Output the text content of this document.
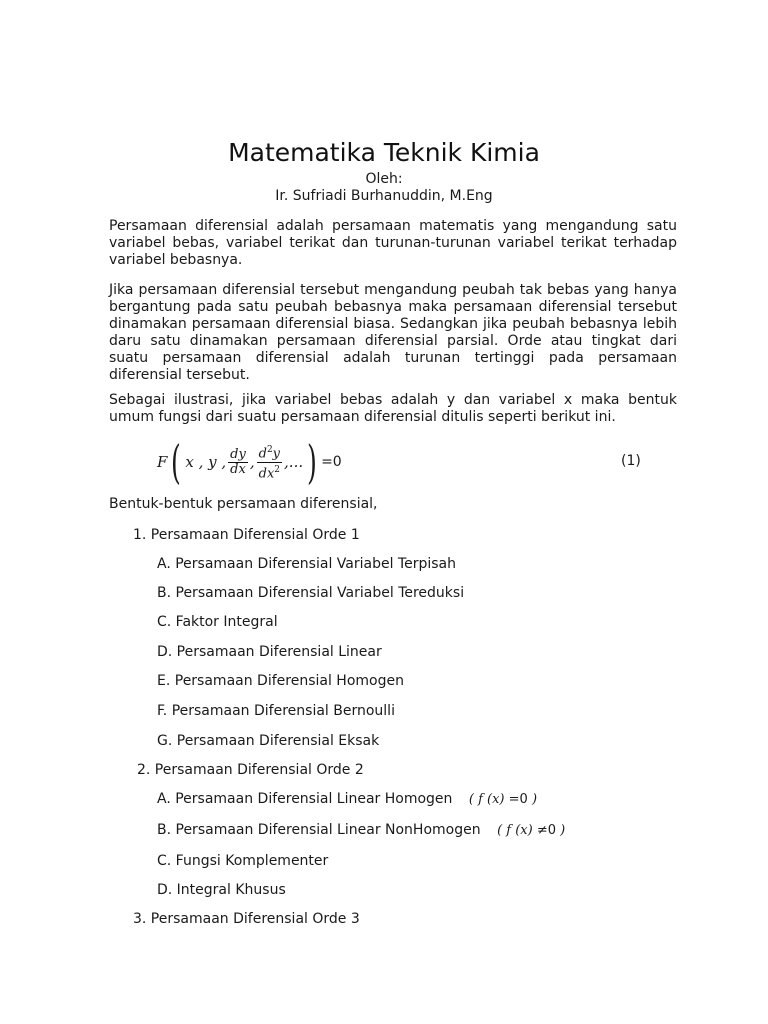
Matematika Teknik Kimia
Oleh:
Ir. Sufriadi Burhanuddin, M.Eng

Persamaan diferensial adalah persamaan matematis yang mengandung satu variabel bebas, variabel terikat dan turunan-turunan variabel terikat terhadap variabel bebasnya.

Jika persamaan diferensial tersebut mengandung peubah tak bebas yang hanya bergantung pada satu peubah bebasnya maka persamaan diferensial tersebut dinamakan persamaan diferensial biasa. Sedangkan jika peubah bebasnya lebih daru satu dinamakan persamaan diferensial parsial. Orde atau tingkat dari suatu persamaan diferensial adalah turunan tertinggi pada persamaan diferensial tersebut.

Sebagai ilustrasi, jika variabel bebas adalah y dan variabel x maka bentuk umum fungsi dari suatu persamaan diferensial ditulis seperti berikut ini.

F ( x , y , $\frac{dy}{dx}$ , $\frac{d^2y}{dx^2}$ ,... ) =0	(1)
Bentuk-bentuk persamaan diferensial,
1. Persamaan Diferensial Orde 1
A. Persamaan Diferensial Variabel Terpisah
B. Persamaan Diferensial Variabel Tereduksi
C. Faktor Integral
D. Persamaan Diferensial Linear
E. Persamaan Diferensial Homogen
F. Persamaan Diferensial Bernoulli
G. Persamaan Diferensial Eksak
2. Persamaan Diferensial Orde 2
A. Persamaan Diferensial Linear Homogen ( f (x) =0 )
B. Persamaan Diferensial Linear NonHomogen ( f (x) ≠0 )
C. Fungsi Komplementer
D. Integral Khusus
3. Persamaan Diferensial Orde 3
